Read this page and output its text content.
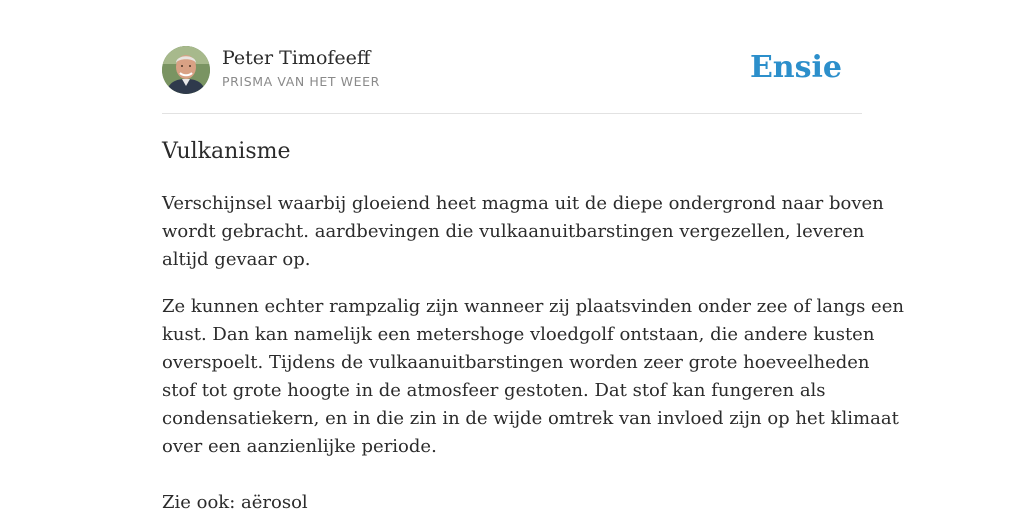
Peter Timofeeff
PRISMA VAN HET WEER	Ensie
Vulkanisme

Verschijnsel waarbij gloeiend heet magma uit de diepe ondergrond naar boven
wordt gebracht. aardbevingen die vulkaanuitbarstingen vergezellen, leveren
altijd gevaar op.

Ze kunnen echter rampzalig zijn wanneer zij plaatsvinden onder zee of langs een
kust. Dan kan namelijk een metershoge vloedgolf ontstaan, die andere kusten
overspoelt. Tijdens de vulkaanuitbarstingen worden zeer grote hoeveelheden
stof tot grote hoogte in de atmosfeer gestoten. Dat stof kan fungeren als
condensatiekern, en in die zin in de wijde omtrek van invloed zijn op het klimaat
over een aanzienlijke periode.

Zie ook: aërosol
